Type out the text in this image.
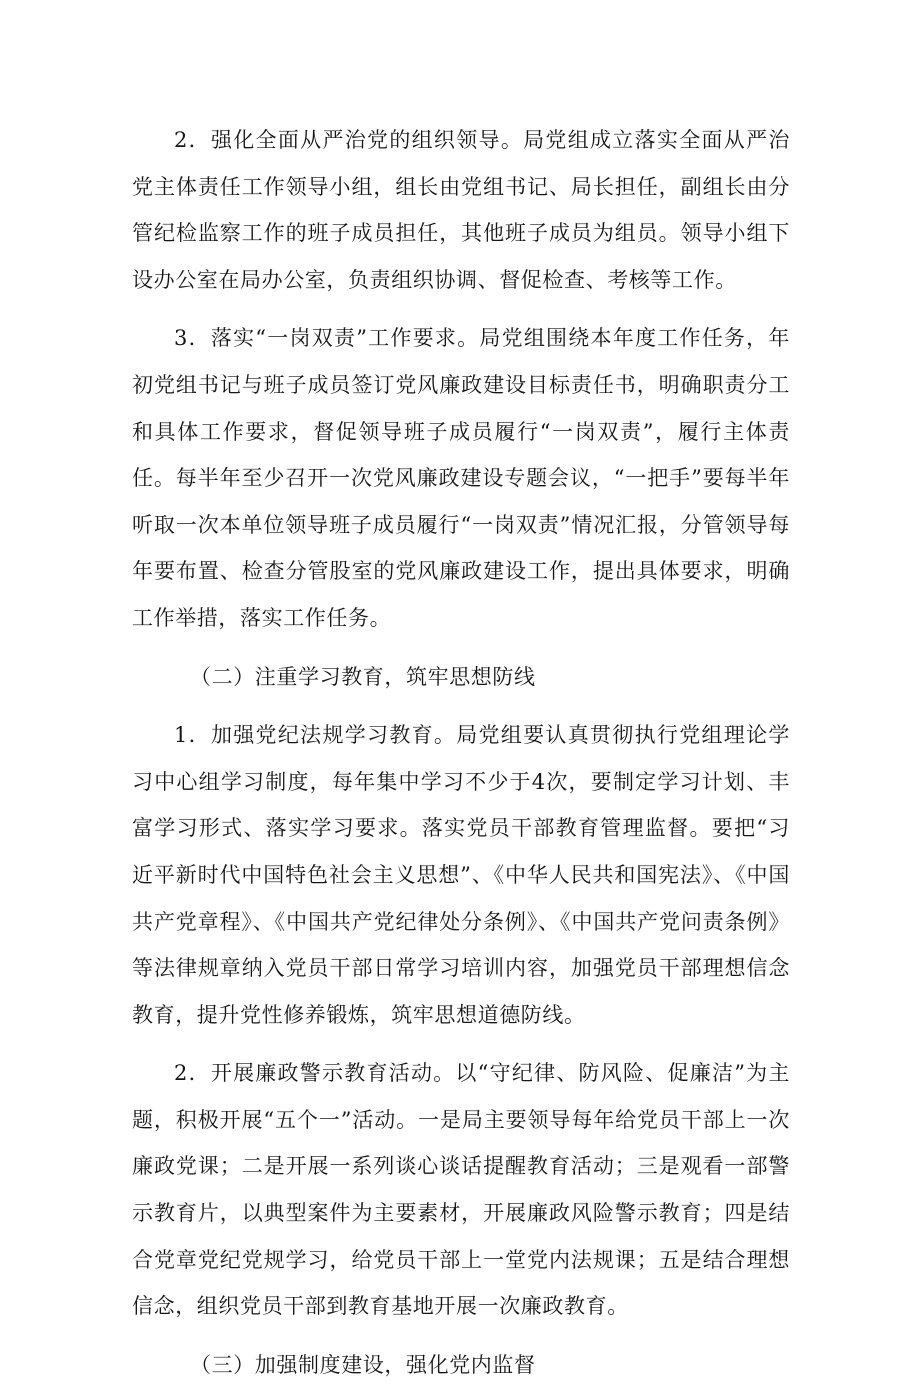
2．强化全面从严治党的组织领导。局党组成立落实全面从严治党主体责任工作领导小组，组长由党组书记、局长担任，副组长由分管纪检监察工作的班子成员担任，其他班子成员为组员。领导小组下设办公室在局办公室，负责组织协调、督促检查、考核等工作。

3．落实“一岗双责”工作要求。局党组围绕本年度工作任务，年初党组书记与班子成员签订党风廉政建设目标责任书，明确职责分工和具体工作要求，督促领导班子成员履行“一岗双责”，履行主体责任。每半年至少召开一次党风廉政建设专题会议，“一把手”要每半年听取一次本单位领导班子成员履行“一岗双责”情况汇报，分管领导每年要布置、检查分管股室的党风廉政建设工作，提出具体要求，明确工作举措，落实工作任务。

（二）注重学习教育，筑牢思想防线

1．加强党纪法规学习教育。局党组要认真贯彻执行党组理论学习中心组学习制度，每年集中学习不少于4次，要制定学习计划、丰富学习形式、落实学习要求。落实党员干部教育管理监督。要把“习近平新时代中国特色社会主义思想”、《中华人民共和国宪法》、《中国共产党章程》、《中国共产党纪律处分条例》、《中国共产党问责条例》等法律规章纳入党员干部日常学习培训内容，加强党员干部理想信念教育，提升党性修养锻炼，筑牢思想道德防线。

2．开展廉政警示教育活动。以“守纪律、防风险、促廉洁”为主题，积极开展“五个一”活动。一是局主要领导每年给党员干部上一次廉政党课；二是开展一系列谈心谈话提醒教育活动；三是观看一部警示教育片，以典型案件为主要素材，开展廉政风险警示教育；四是结合党章党纪党规学习，给党员干部上一堂党内法规课；五是结合理想信念，组织党员干部到教育基地开展一次廉政教育。

（三）加强制度建设，强化党内监督
